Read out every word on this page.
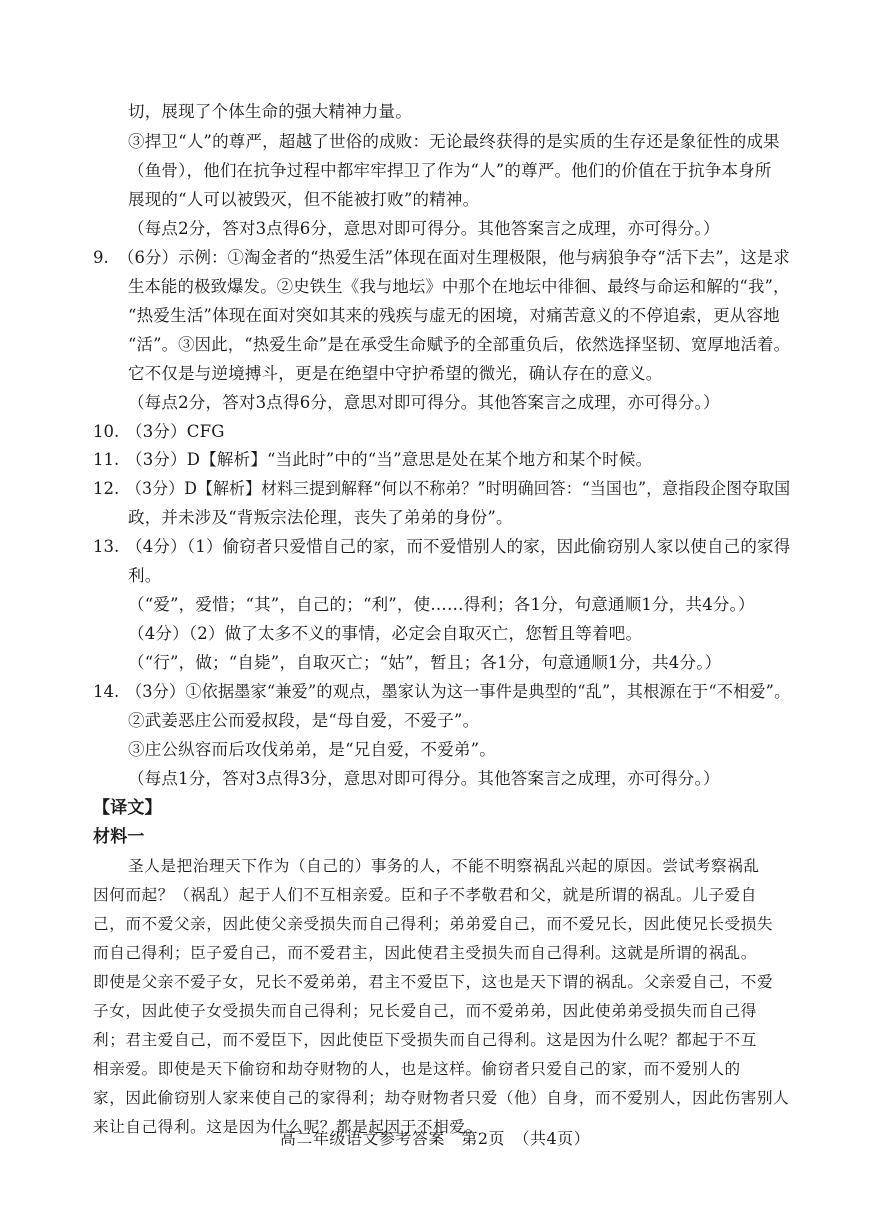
切，展现了个体生命的强大精神力量。
③捍卫“人”的尊严，超越了世俗的成败：无论最终获得的是实质的生存还是象征性的成果
（鱼骨），他们在抗争过程中都牢牢捍卫了作为“人”的尊严。他们的价值在于抗争本身所
展现的“人可以被毁灭，但不能被打败”的精神。
（每点2分，答对3点得6分，意思对即可得分。其他答案言之成理，亦可得分。）
9. （6分）示例：①淘金者的“热爱生活”体现在面对生理极限，他与病狼争夺“活下去”，这是求
生本能的极致爆发。②史铁生《我与地坛》中那个在地坛中徘徊、最终与命运和解的“我”，
“热爱生活”体现在面对突如其来的残疾与虚无的困境，对痛苦意义的不停追索，更从容地
“活”。③因此，“热爱生命”是在承受生命赋予的全部重负后，依然选择坚韧、宽厚地活着。
它不仅是与逆境搏斗，更是在绝望中守护希望的微光，确认存在的意义。
（每点2分，答对3点得6分，意思对即可得分。其他答案言之成理，亦可得分。）
10. （3分）CFG
11. （3分）D【解析】“当此时”中的“当”意思是处在某个地方和某个时候。
12. （3分）D【解析】材料三提到解释“何以不称弟？”时明确回答：“当国也”，意指段企图夺取国
政，并未涉及“背叛宗法伦理，丧失了弟弟的身份”。
13. （4分）（1）偷窃者只爱惜自己的家，而不爱惜别人的家，因此偷窃别人家以使自己的家得
利。
（“爱”，爱惜；“其”，自己的；“利”，使……得利；各1分，句意通顺1分，共4分。）
（4分）（2）做了太多不义的事情，必定会自取灭亡，您暂且等着吧。
（“行”，做；“自毙”，自取灭亡；“姑”，暂且；各1分，句意通顺1分，共4分。）
14. （3分）①依据墨家“兼爱”的观点，墨家认为这一事件是典型的“乱”，其根源在于“不相爱”。
②武姜恶庄公而爱叔段，是“母自爱，不爱子”。
③庄公纵容而后攻伐弟弟，是“兄自爱，不爱弟”。
（每点1分，答对3点得3分，意思对即可得分。其他答案言之成理，亦可得分。）
【译文】
材料一
圣人是把治理天下作为（自己的）事务的人，不能不明察祸乱兴起的原因。尝试考察祸乱
因何而起？（祸乱）起于人们不互相亲爱。臣和子不孝敬君和父，就是所谓的祸乱。儿子爱自
己，而不爱父亲，因此使父亲受损失而自己得利；弟弟爱自己，而不爱兄长，因此使兄长受损失
而自己得利；臣子爱自己，而不爱君主，因此使君主受损失而自己得利。这就是所谓的祸乱。
即使是父亲不爱子女，兄长不爱弟弟，君主不爱臣下，这也是天下谓的祸乱。父亲爱自己，不爱
子女，因此使子女受损失而自己得利；兄长爱自己，而不爱弟弟，因此使弟弟受损失而自己得
利；君主爱自己，而不爱臣下，因此使臣下受损失而自己得利。这是因为什么呢？都起于不互
相亲爱。即使是天下偷窃和劫夺财物的人，也是这样。偷窃者只爱自己的家，而不爱别人的
家，因此偷窃别人家来使自己的家得利；劫夺财物者只爱（他）自身，而不爱别人，因此伤害别人
来让自己得利。这是因为什么呢？都是起因于不相爱。
高二年级语文参考答案　第2页　（共4页）
